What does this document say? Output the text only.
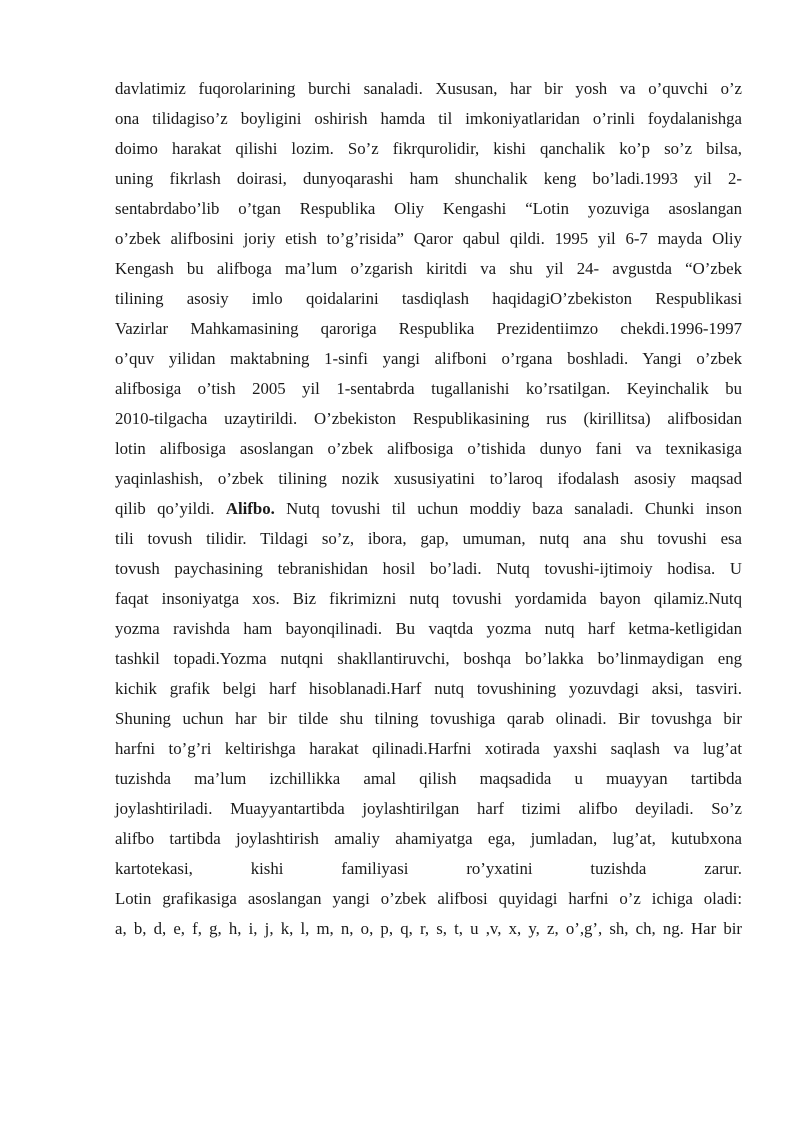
davlatimiz fuqorolarining burchi sanaladi. Xususan, har bir yosh va o’quvchi o’z
ona tilidagiso’z boyligini oshirish hamda til imkoniyatlaridan o’rinli foydalanishga
doimo harakat qilishi lozim. So’z fikrqurolidir, kishi qanchalik ko’p so’z bilsa,
uning fikrlash doirasi, dunyoqarashi ham shunchalik keng bo’ladi.1993 yil 2-
sentabrdabo’lib o’tgan Respublika Oliy Kengashi “Lotin yozuviga asoslangan
o’zbek alifbosini joriy etish to’g’risida” Qaror qabul qildi. 1995 yil 6-7 mayda Oliy
Kengash bu alifboga ma’lum o’zgarish kiritdi va shu yil 24- avgustda “O’zbek
tilining asosiy imlo qoidalarini tasdiqlash haqidagiO’zbekiston Respublikasi
Vazirlar Mahkamasining qaroriga Respublika Prezidentiimzo chekdi.1996-1997
o’quv yilidan maktabning 1-sinfi yangi alifboni o’rgana boshladi. Yangi o’zbek
alifbosiga o’tish 2005 yil 1-sentabrda tugallanishi ko’rsatilgan. Keyinchalik bu
2010-tilgacha uzaytirildi. O’zbekiston Respublikasining rus (kirillitsa) alifbosidan
lotin alifbosiga asoslangan o’zbek alifbosiga o’tishida dunyo fani va texnikasiga
yaqinlashish, o’zbek tilining nozik xususiyatini to’laroq ifodalash asosiy maqsad
qilib qo’yildi. Alifbo. Nutq tovushi til uchun moddiy baza sanaladi. Chunki inson
tili tovush tilidir. Tildagi so’z, ibora, gap, umuman, nutq ana shu tovushi esa
tovush paychasining tebranishidan hosil bo’ladi. Nutq tovushi-ijtimoiy hodisa. U
faqat insoniyatga xos. Biz fikrimizni nutq tovushi yordamida bayon qilamiz.Nutq
yozma ravishda ham bayonqilinadi. Bu vaqtda yozma nutq harf ketma-ketligidan
tashkil topadi.Yozma nutqni shakllantiruvchi, boshqa bo’lakka bo’linmaydigan eng
kichik grafik belgi harf hisoblanadi.Harf nutq tovushining yozuvdagi aksi, tasviri.
Shuning uchun har bir tilde shu tilning tovushiga qarab olinadi. Bir tovushga bir
harfni to’g’ri keltirishga harakat qilinadi.Harfni xotirada yaxshi saqlash va lug’at
tuzishda ma’lum izchillikka amal qilish maqsadida u muayyan tartibda
joylashtiriladi. Muayyantartibda joylashtirilgan harf tizimi alifbo deyiladi. So’z
alifbo tartibda joylashtirish amaliy ahamiyatga ega, jumladan, lug’at, kutubxona
kartotekasi, kishi familiyasi ro’yxatini tuzishda zarur.
Lotin grafikasiga asoslangan yangi o’zbek alifbosi quyidagi harfni o’z ichiga oladi:
a, b, d, e, f, g, h, i, j, k, l, m, n, o, p, q, r, s, t, u ,v, x, y, z, o’,g’, sh, ch, ng. Har bir
